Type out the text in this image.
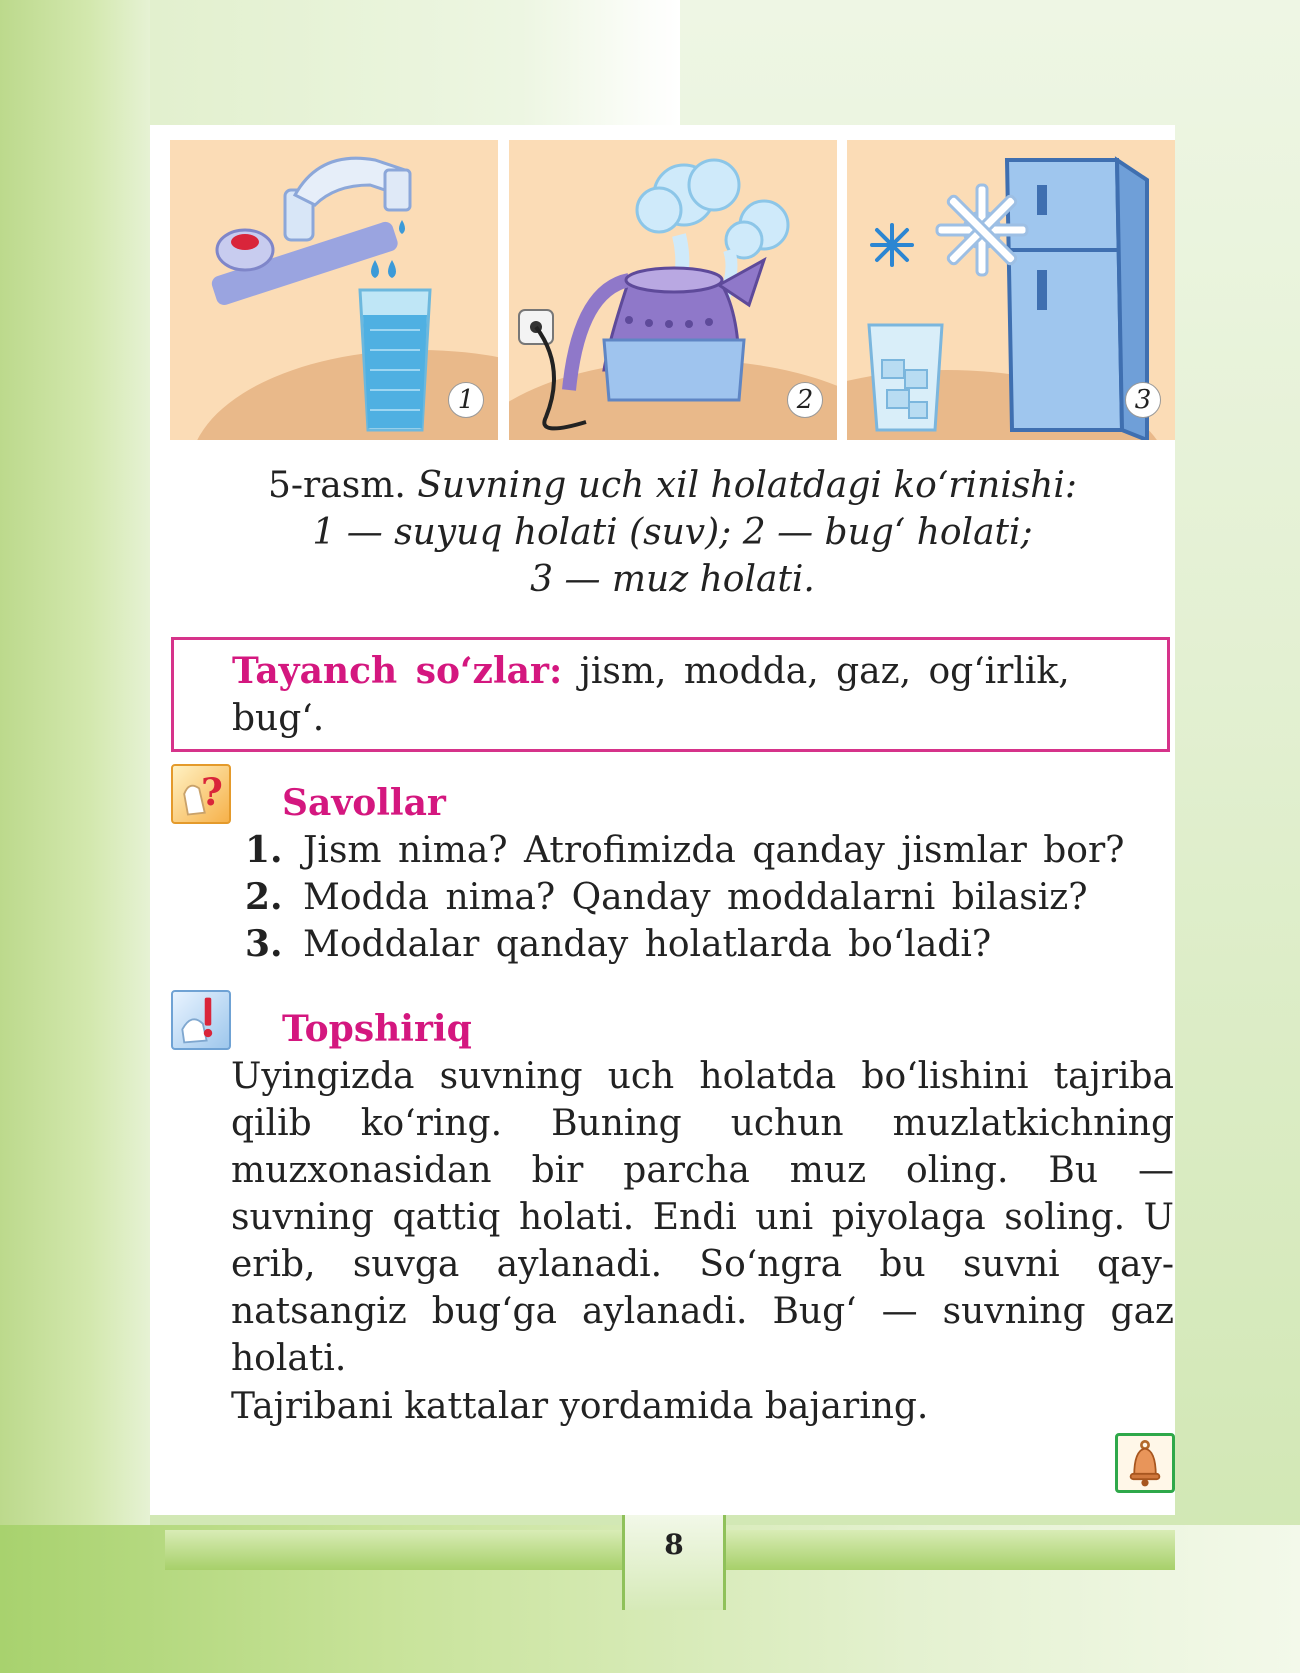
1	2	3
5-rasm. Suvning uch xil holatdagi ko‘rinishi:
1 — suyuq holati (suv); 2 — bug‘ holati;
3 — muz holati.
Tayanch so‘zlar: jism, modda, gaz, og‘irlik, bug‘.
? Savollar
1. Jism nima? Atrofimizda qanday jismlar bor?
2. Modda nima? Qanday moddalarni bilasiz?
3. Moddalar qanday holatlarda bo‘ladi?
Topshiriq
Uyingizda suvning uch holatda bo‘lishini tajriba qilib ko‘ring. Buning uchun muzlatkichning muzxonasidan bir parcha muz oling. Bu — suvning qattiq holati. Endi uni piyolaga soling. U erib, suvga aylanadi. So‘ngra bu suvni qaynatsangiz bug‘ga aylanadi. Bug‘ — suvning gaz holati.
Tajribani kattalar yordamida bajaring.
8
